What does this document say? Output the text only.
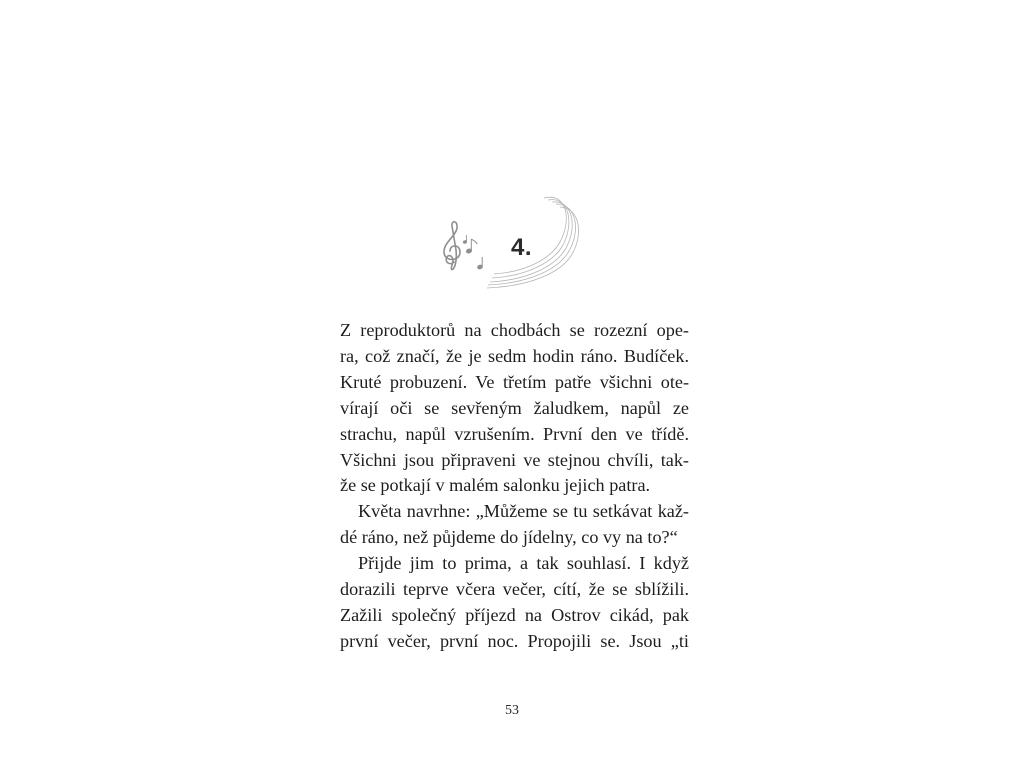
4.

Z reproduktorů na chodbách se rozezní ope-

ra, což značí, že je sedm hodin ráno. Budíček.

Kruté probuzení. Ve třetím patře všichni ote-

vírají oči se sevřeným žaludkem, napůl ze

strachu, napůl vzrušením. První den ve třídě.

Všichni jsou připraveni ve stejnou chvíli, tak-

že se potkají v malém salonku jejich patra.

Květa navrhne: „Můžeme se tu setkávat kaž-

dé ráno, než půjdeme do jídelny, co vy na to?“

Přijde jim to prima, a tak souhlasí. I když

dorazili teprve včera večer, cítí, že se sblížili.

Zažili společný příjezd na Ostrov cikád, pak

první večer, první noc. Propojili se. Jsou „ti

53
